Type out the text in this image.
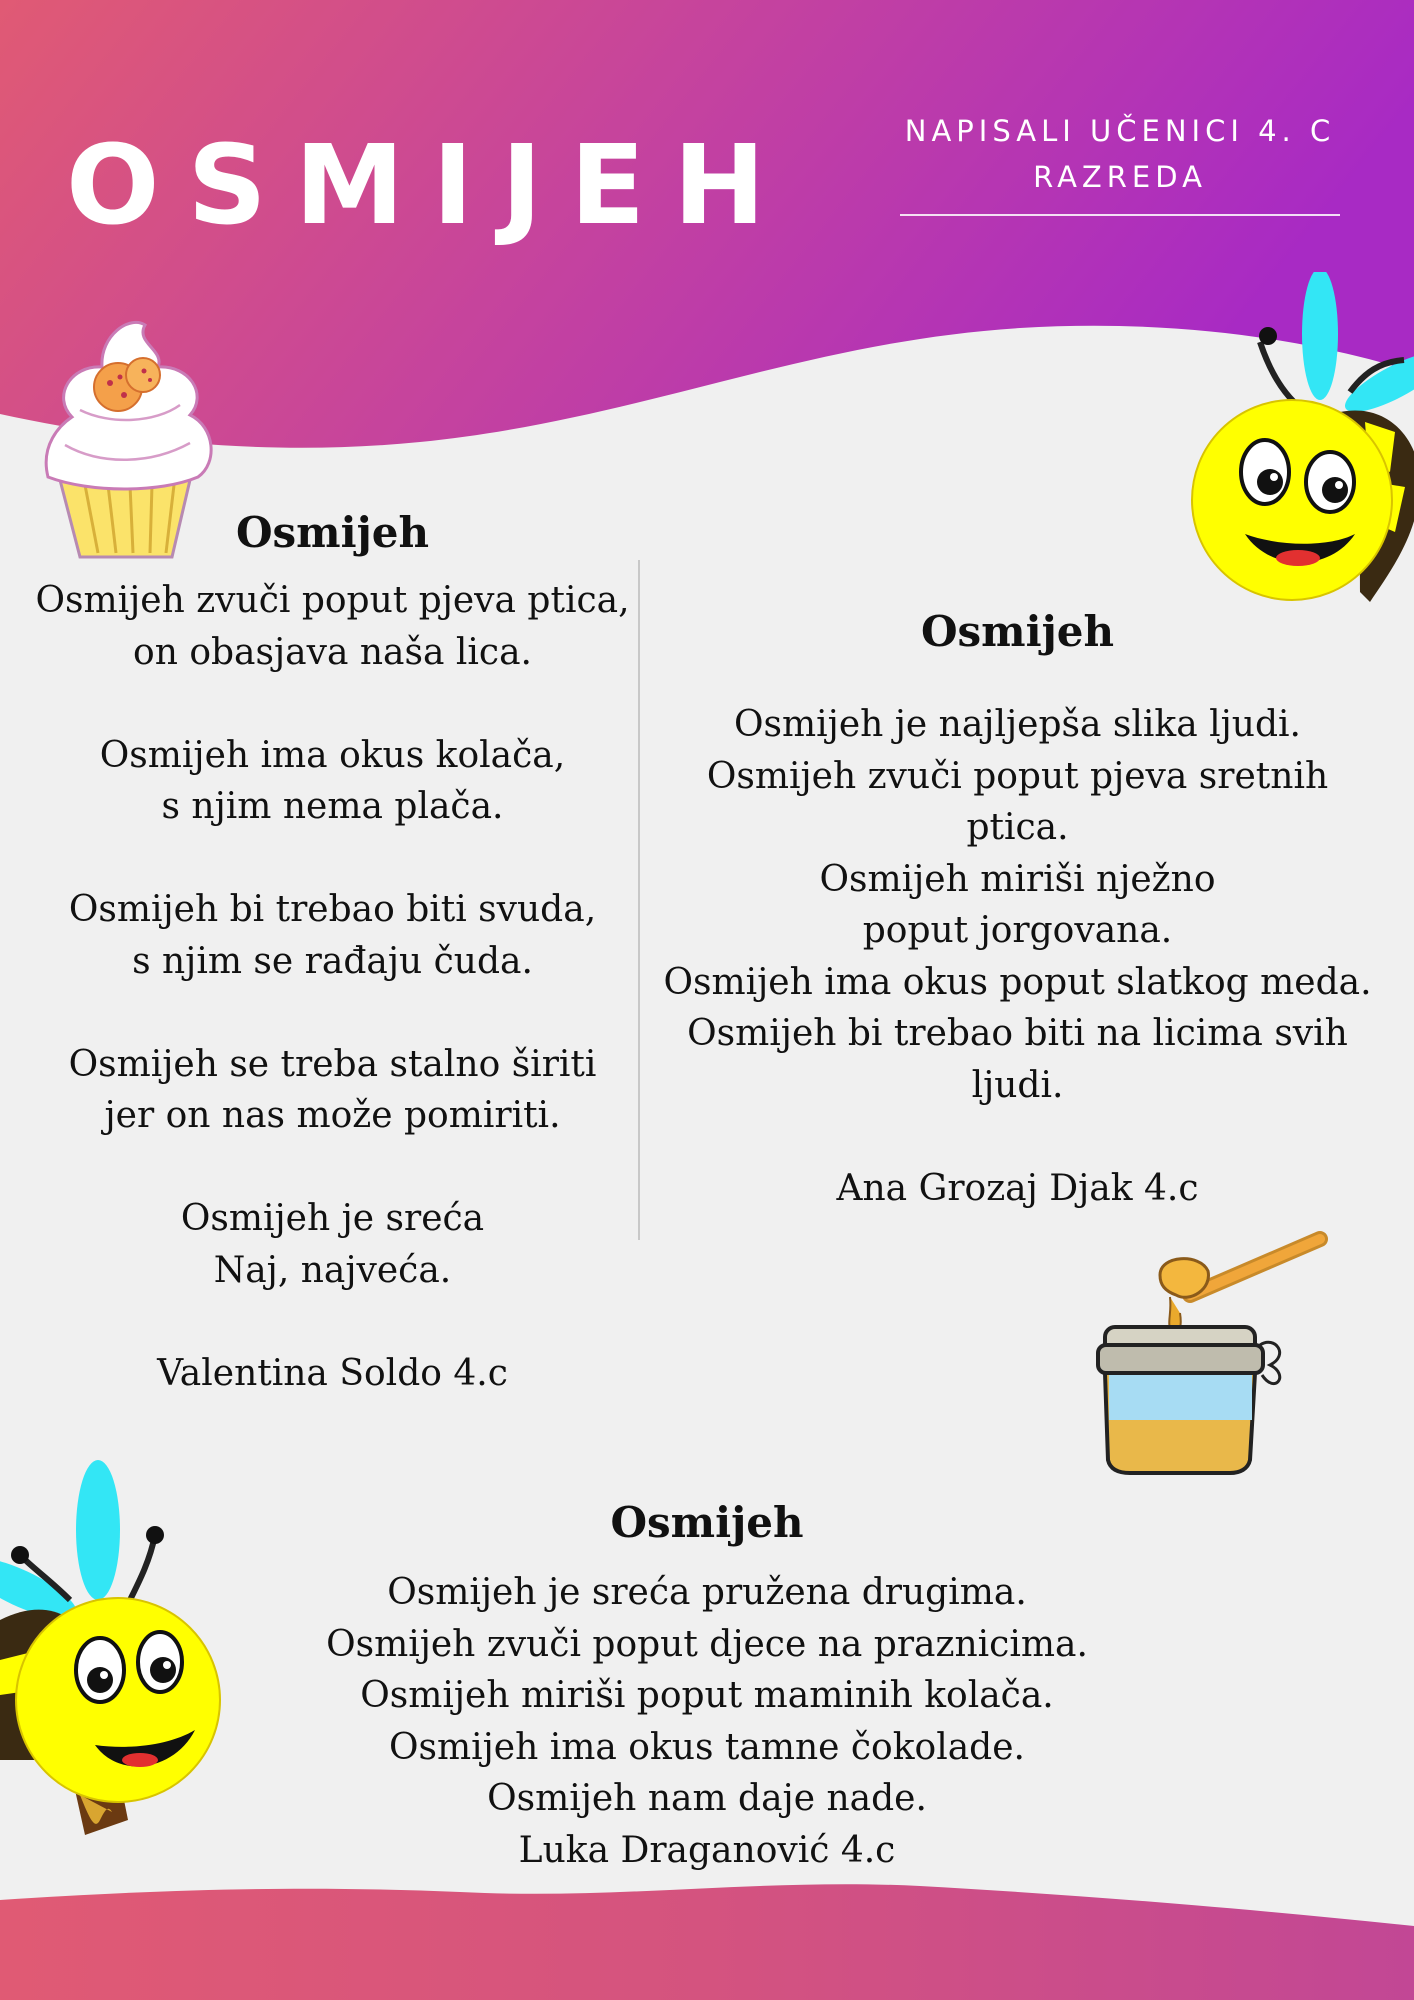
OSMIJEH	NAPISALI UČENICI 4. C
RAZREDA
Osmijeh
Osmijeh zvuči poput pjeva ptica,
on obasjava naša lica.
Osmijeh ima okus kolača,
s njim nema plača.
Osmijeh bi trebao biti svuda,
s njim se rađaju čuda.
Osmijeh se treba stalno širiti
jer on nas može pomiriti.
Osmijeh je sreća
Naj, najveća.
Valentina Soldo 4.c
Osmijeh
Osmijeh je najljepša slika ljudi.
Osmijeh zvuči poput pjeva sretnih ptica.
Osmijeh miriši nježno poput jorgovana.
Osmijeh ima okus poput slatkog meda.
Osmijeh bi trebao biti na licima svih ljudi.
Ana Grozaj Djak 4.c
Osmijeh
Osmijeh je sreća pružena drugima.
Osmijeh zvuči poput djece na praznicima.
Osmijeh miriši poput maminih kolača.
Osmijeh ima okus tamne čokolade.
Osmijeh nam daje nade.
Luka Draganović 4.c
